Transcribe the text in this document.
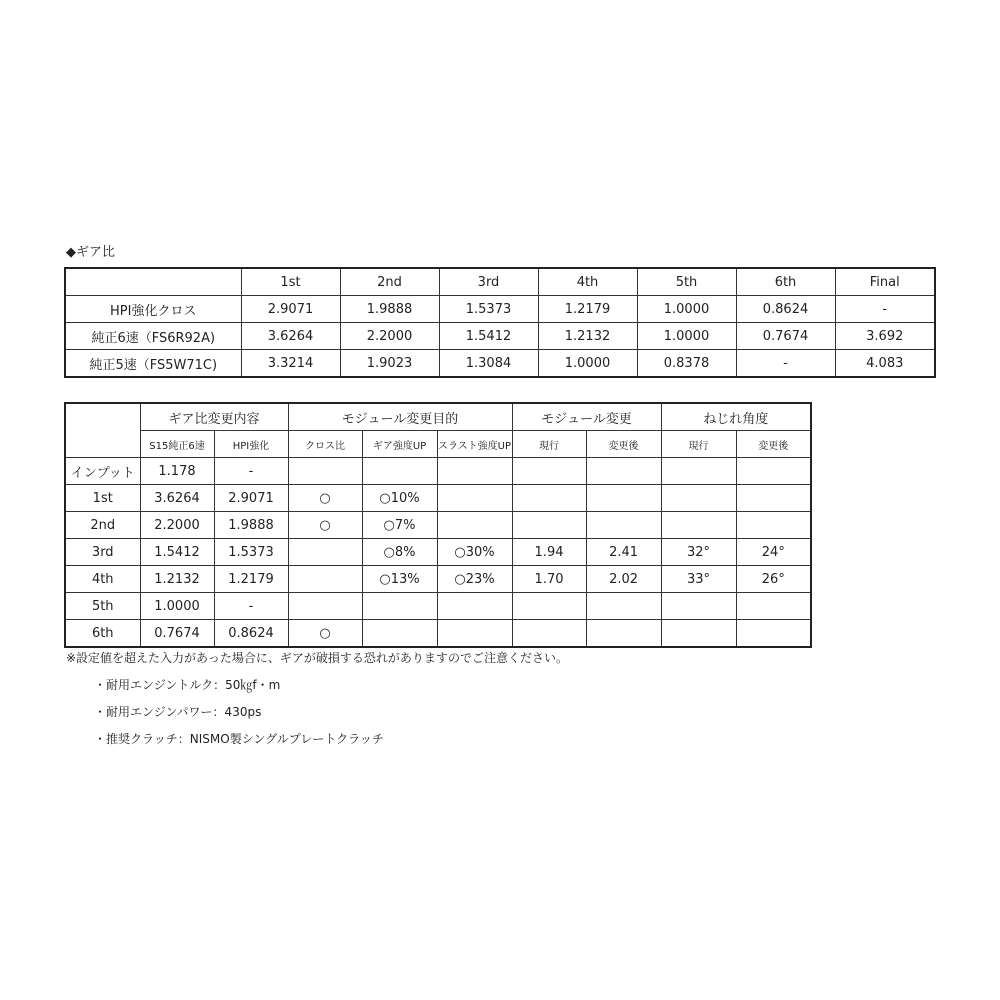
◆ギア比
	1st	2nd	3rd	4th	5th	6th	Final
HPI強化クロス	2.9071	1.9888	1.5373	1.2179	1.0000	0.8624	-
純正6速（FS6R92A)	3.6264	2.2000	1.5412	1.2132	1.0000	0.7674	3.692
純正5速（FS5W71C)	3.3214	1.9023	1.3084	1.0000	0.8378	-	4.083
	ギア比変更内容		モジュール変更目的			モジュール変更		ねじれ角度	
	S15純正6速	HPI強化	クロス比	ギア強度UP	スラスト強度UP	現行	変更後	現行	変更後
インプット	1.178	-							
1st	3.6264	2.9071	○	○10%					
2nd	2.2000	1.9888	○	○7%					
3rd	1.5412	1.5373		○8%	○30%	1.94	2.41	32°	24°
4th	1.2132	1.2179		○13%	○23%	1.70	2.02	33°	26°
5th	1.0000	-							
6th	0.7674	0.8624	○						
※設定値を超えた入力があった場合に、ギアが破損する恐れがありますのでご注意ください。
・耐用エンジントルク：50㎏f・m
・耐用エンジンパワー：430ps
・推奨クラッチ：NISMO製シングルプレートクラッチ
